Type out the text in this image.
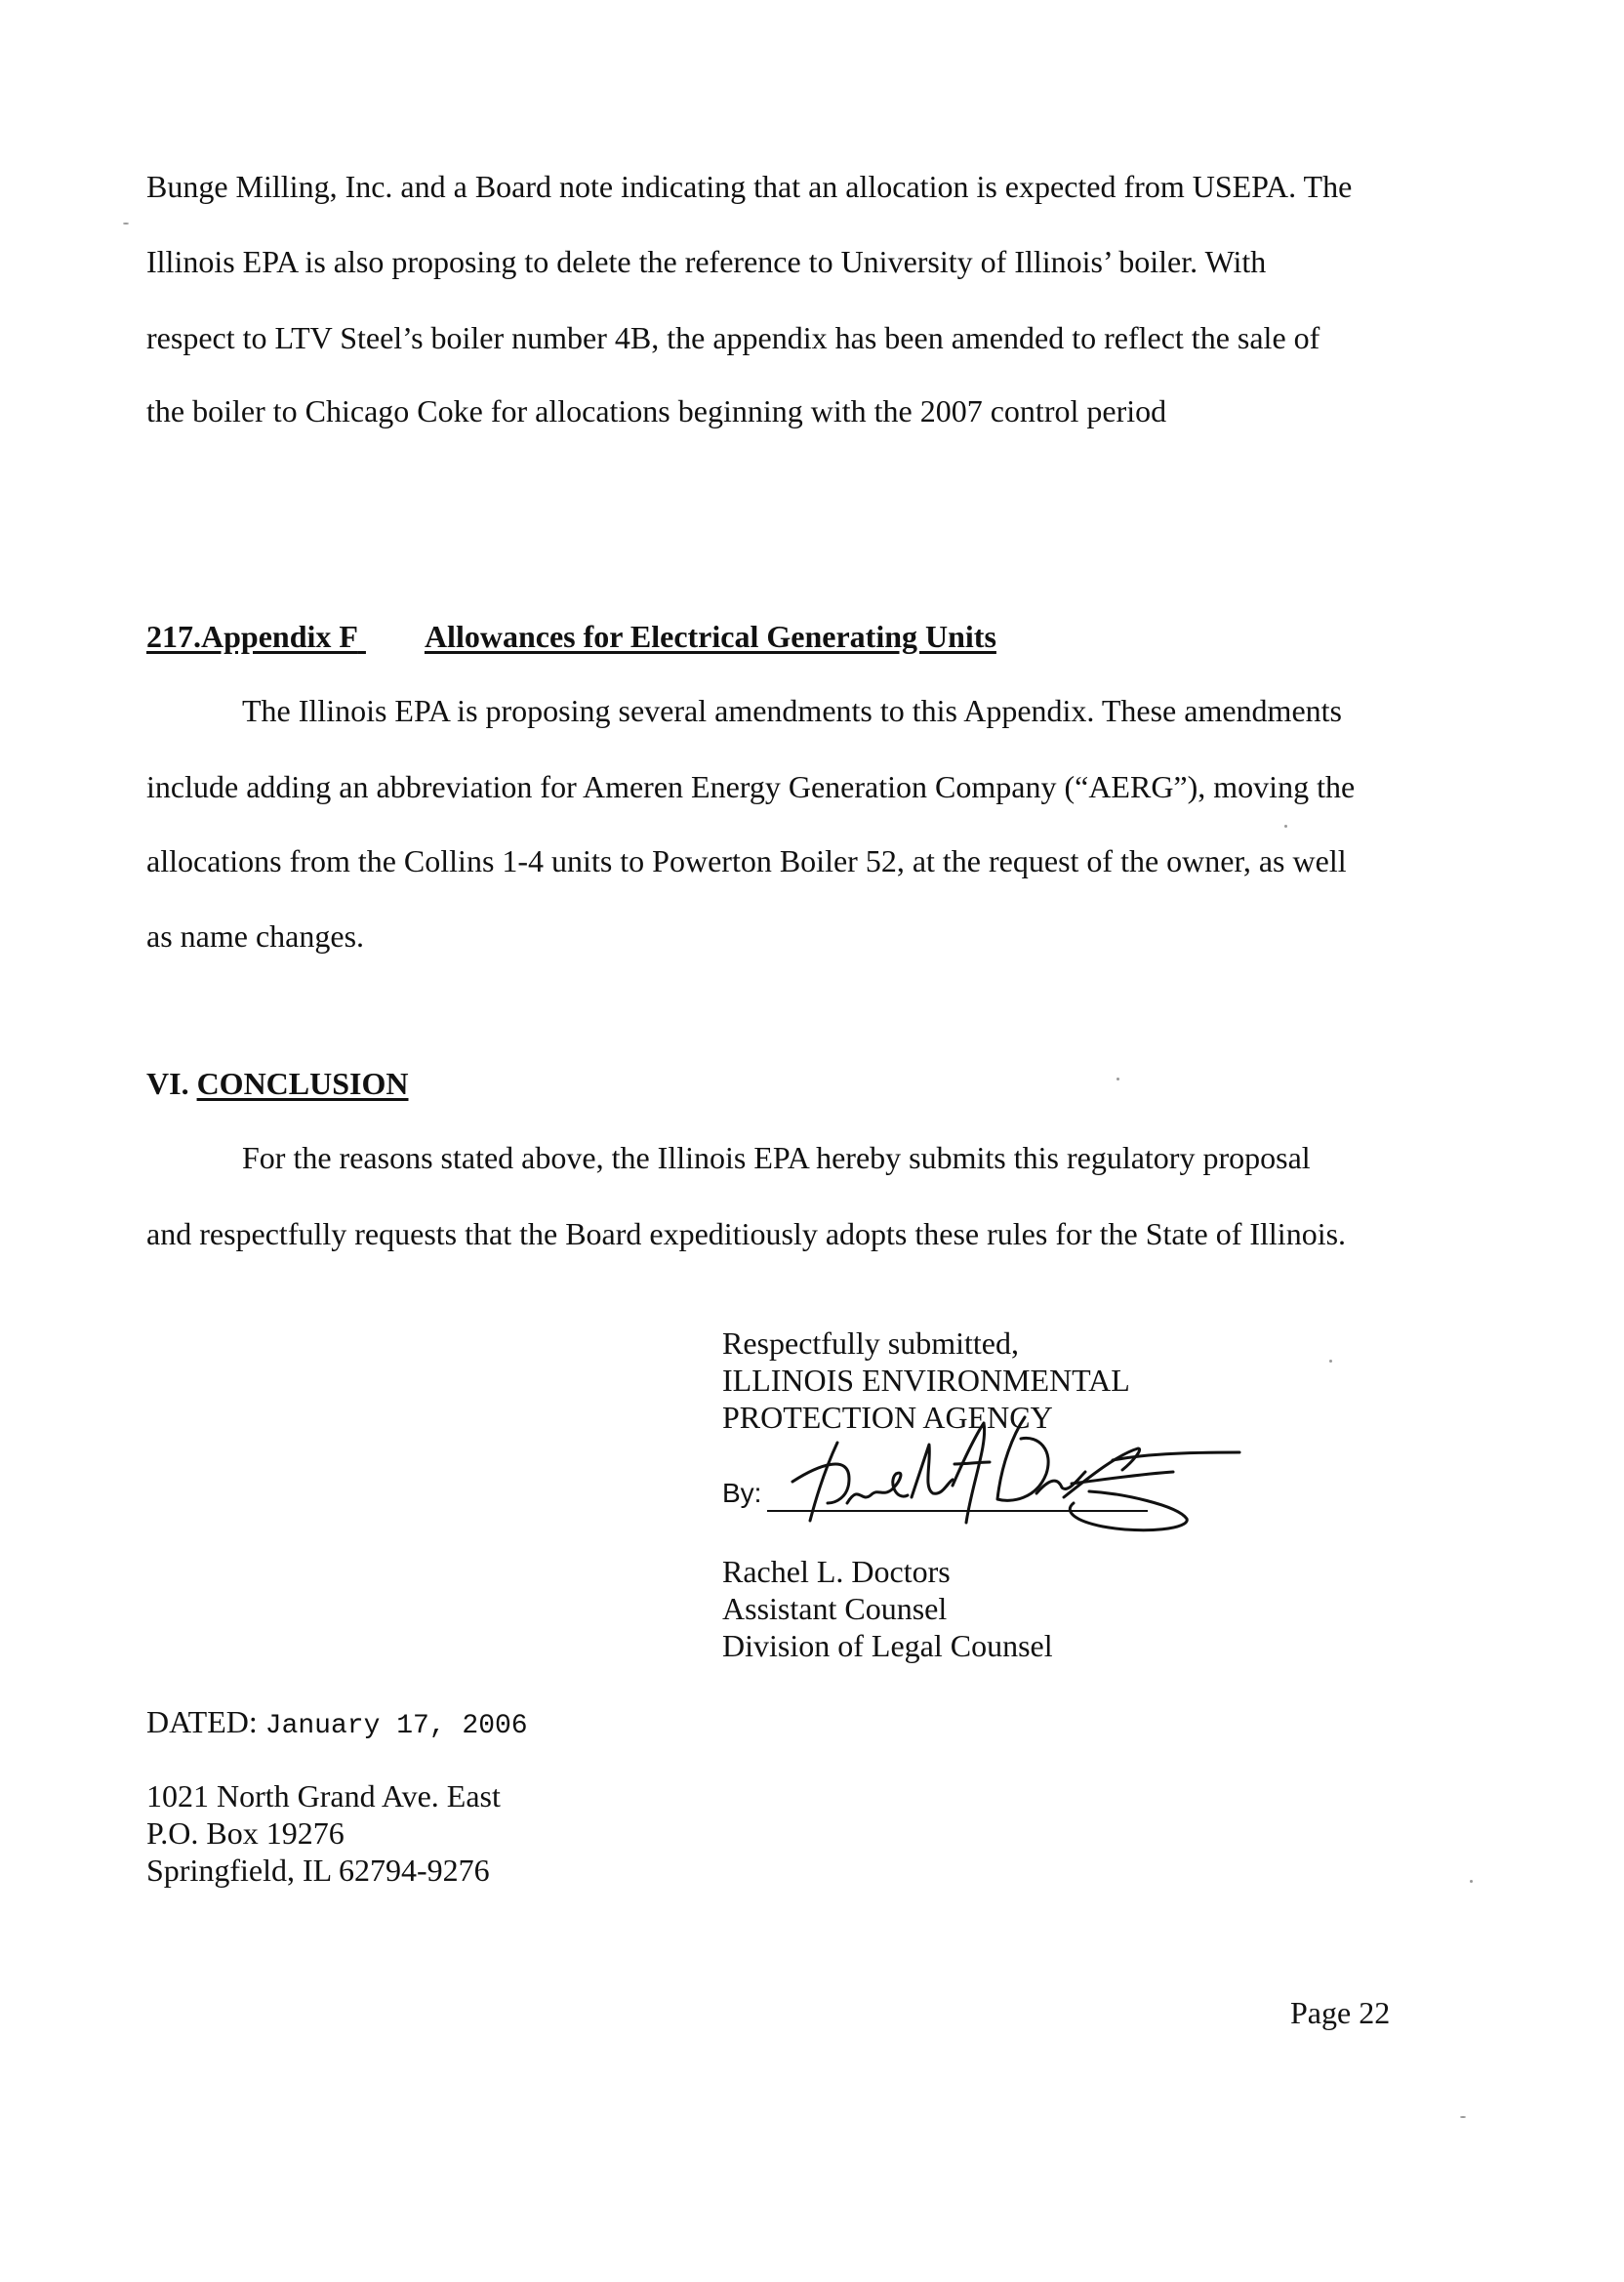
Bunge Milling, Inc. and a Board note indicating that an allocation is expected from USEPA. The
Illinois EPA is also proposing to delete the reference to University of Illinois’ boiler. With
respect to LTV Steel’s boiler number 4B, the appendix has been amended to reflect the sale of
the boiler to Chicago Coke for allocations beginning with the 2007 control period
217.Appendix F Allowances for Electrical Generating Units
The Illinois EPA is proposing several amendments to this Appendix. These amendments
include adding an abbreviation for Ameren Energy Generation Company (“AERG”), moving the
allocations from the Collins 1-4 units to Powerton Boiler 52, at the request of the owner, as well
as name changes.
VI. CONCLUSION
For the reasons stated above, the Illinois EPA hereby submits this regulatory proposal
and respectfully requests that the Board expeditiously adopts these rules for the State of Illinois.
Respectfully submitted,
ILLINOIS ENVIRONMENTAL
PROTECTION AGENCY
By:
Rachel L. Doctors
Assistant Counsel
Division of Legal Counsel
DATED: January 17, 2006
1021 North Grand Ave. East
P.O. Box 19276
Springfield, IL 62794-9276
Page 22
